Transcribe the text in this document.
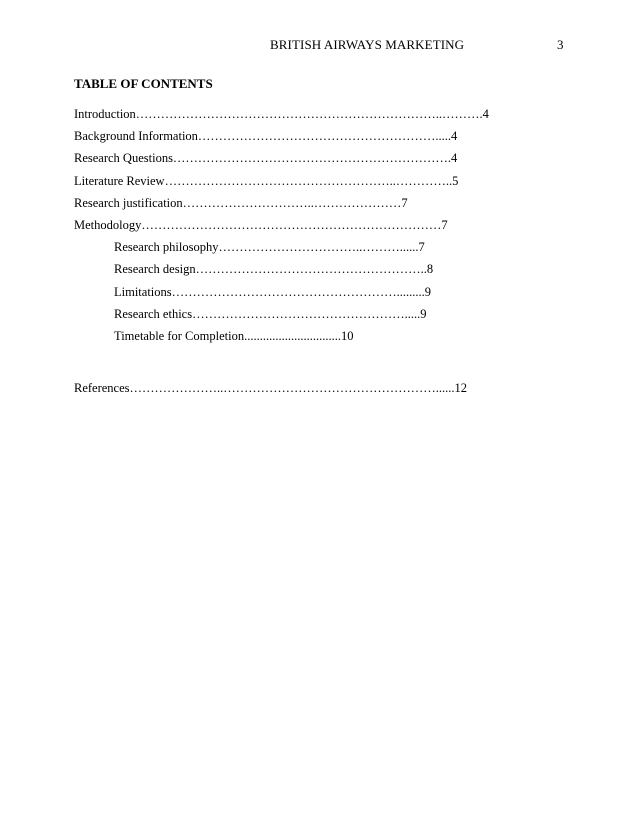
BRITISH AIRWAYS MARKETING	3
TABLE OF CONTENTS
Introduction………………………………………………………………..……….4
Background Information………………………………………………….....4
Research Questions………………………………………………………….4
Literature Review………………………………………………..…………..5
Research justification…………………………..…………………7
Methodology………………………………………………………………7
Research philosophy……………………………..………......7
Research design………………………………………………..8
Limitations……………………………………………….........9
Research ethics…………………………………………….....9
Timetable for Completion...............................10
References…………………..……………………………………………......12
